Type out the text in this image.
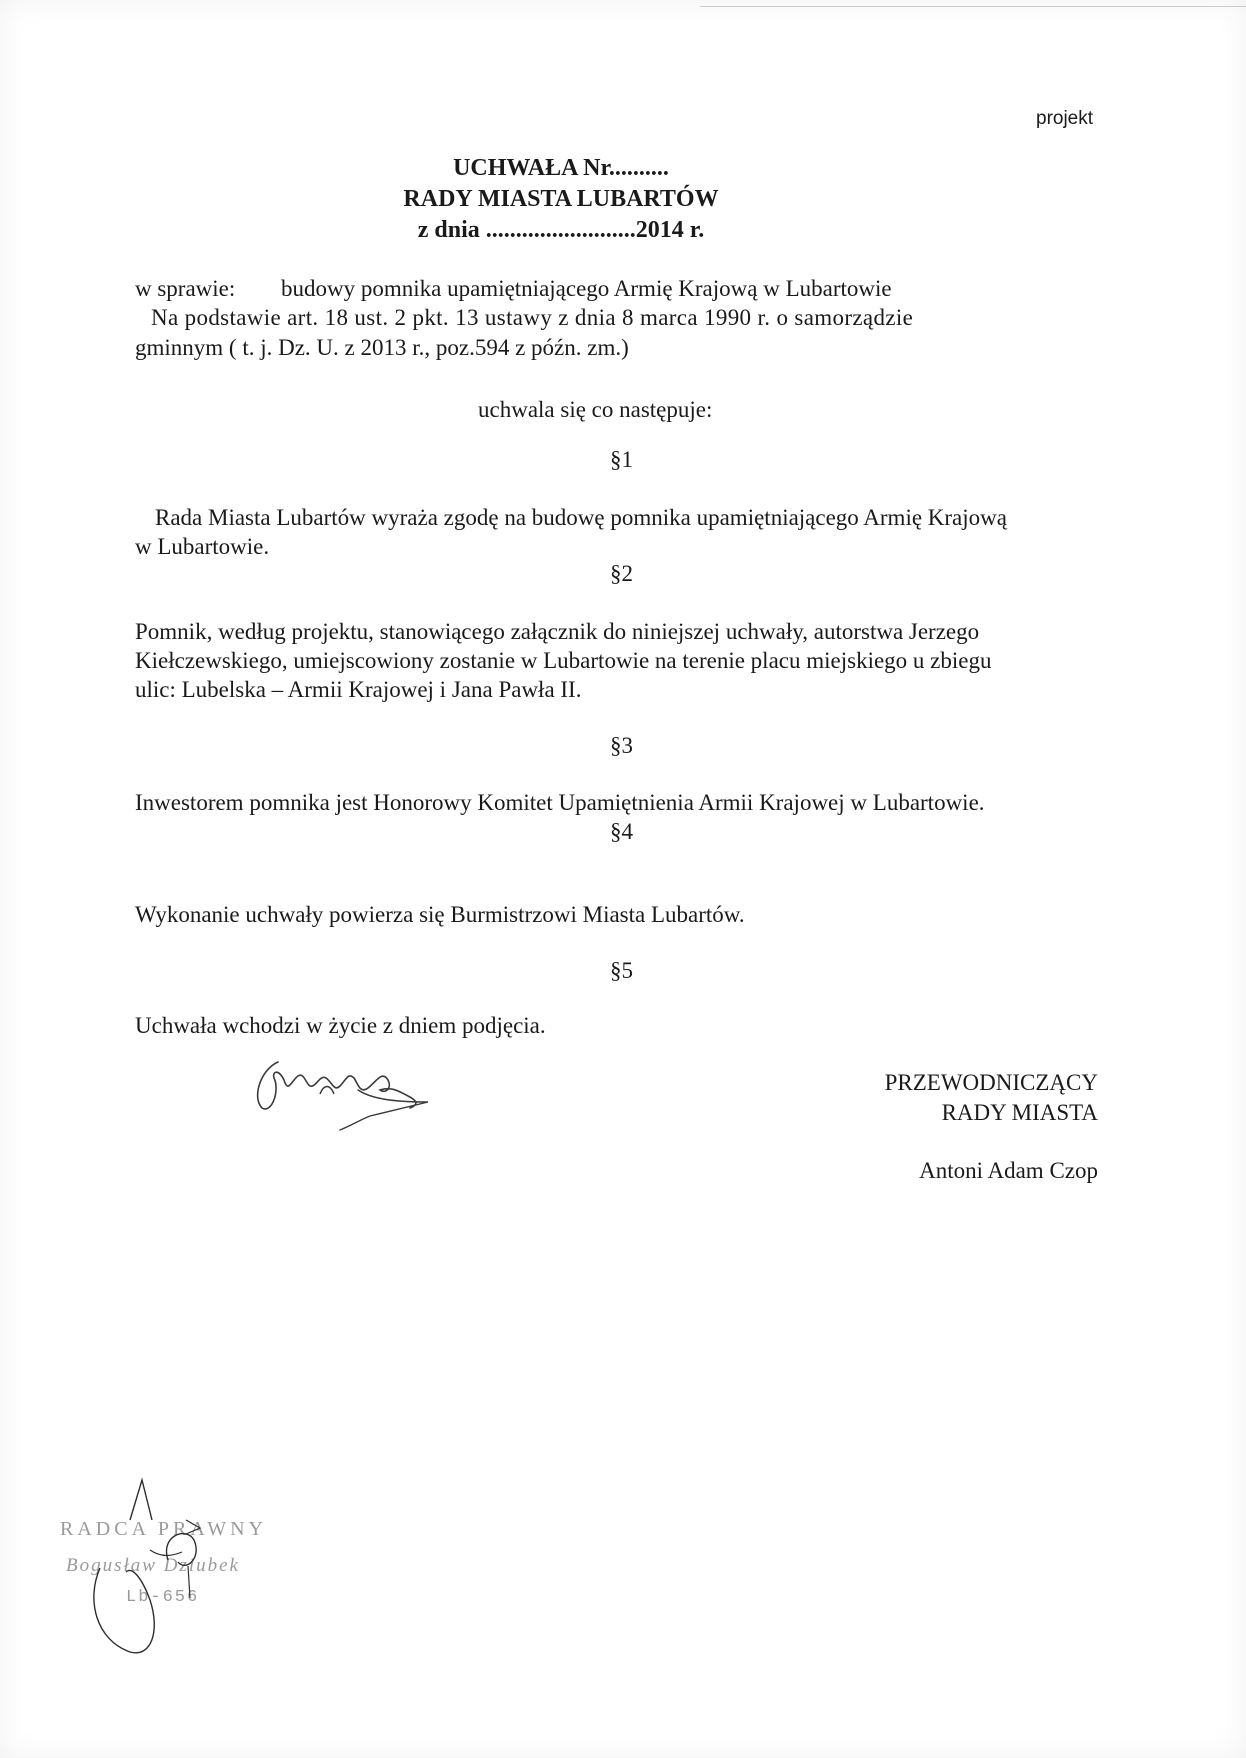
projekt
UCHWAŁA Nr..........
RADY MIASTA LUBARTÓW
z dnia .........................2014 r.
w sprawie: budowy pomnika upamiętniającego Armię Krajową w Lubartowie
Na podstawie art. 18 ust. 2 pkt. 13 ustawy z dnia 8 marca 1990 r. o samorządzie
gminnym ( t. j. Dz. U. z 2013 r., poz.594 z późn. zm.)
uchwala się co następuje:
§1
Rada Miasta Lubartów wyraża zgodę na budowę pomnika upamiętniającego Armię Krajową
w Lubartowie.
§2
Pomnik, według projektu, stanowiącego załącznik do niniejszej uchwały, autorstwa Jerzego
Kiełczewskiego, umiejscowiony zostanie w Lubartowie na terenie placu miejskiego u zbiegu
ulic: Lubelska – Armii Krajowej i Jana Pawła II.
§3
Inwestorem pomnika jest Honorowy Komitet Upamiętnienia Armii Krajowej w Lubartowie.
§4
Wykonanie uchwały powierza się Burmistrzowi Miasta Lubartów.
§5
Uchwała wchodzi w życie z dniem podjęcia.
PRZEWODNICZĄCY
RADY MIASTA
Antoni Adam Czop
RADCA PRAWNY
Bogusław Dziubek
Lb-656
